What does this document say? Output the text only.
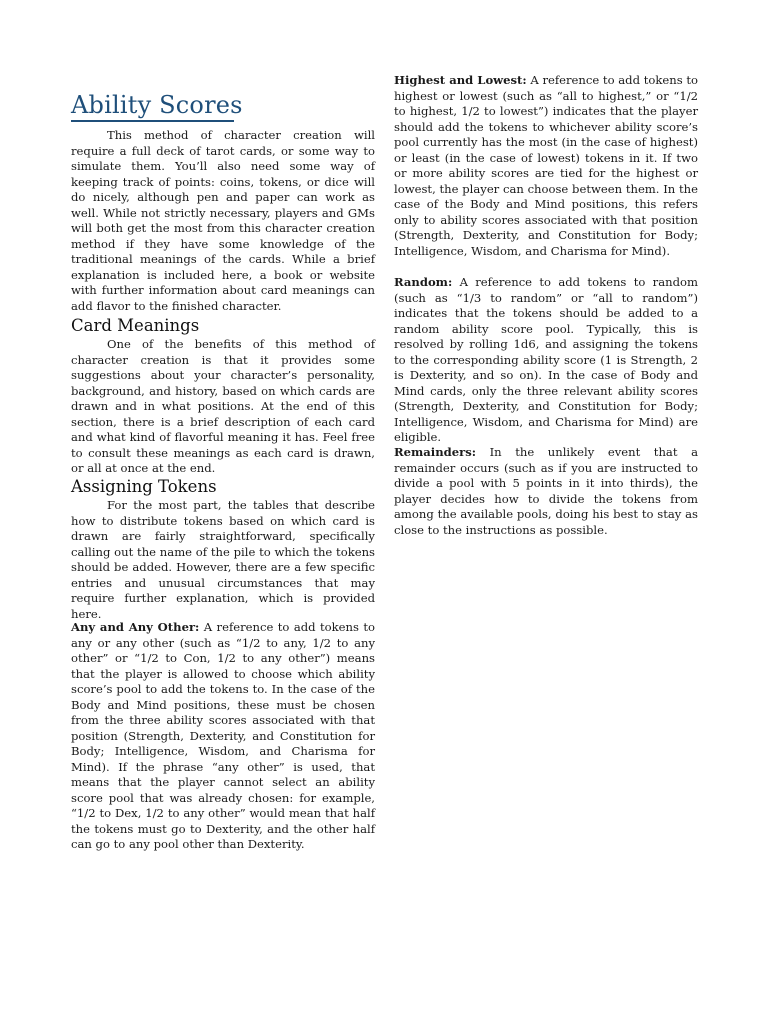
Ability Scores

This method of character creation will require a full deck of tarot cards, or some way to simulate them. You’ll also need some way of keeping track of points: coins, tokens, or dice will do nicely, although pen and paper can work as well. While not strictly necessary, players and GMs will both get the most from this character creation method if they have some knowledge of the traditional meanings of the cards. While a brief explanation is included here, a book or website with further information about card meanings can add flavor to the finished character.

Card Meanings

One of the benefits of this method of character creation is that it provides some suggestions about your character’s personality, background, and history, based on which cards are drawn and in what positions. At the end of this section, there is a brief description of each card and what kind of flavorful meaning it has. Feel free to consult these meanings as each card is drawn, or all at once at the end.

Assigning Tokens

For the most part, the tables that describe how to distribute tokens based on which card is drawn are fairly straightforward, specifically calling out the name of the pile to which the tokens should be added. However, there are a few specific entries and unusual circumstances that may require further explanation, which is provided here.

Any and Any Other: A reference to add tokens to any or any other (such as “1/2 to any, 1/2 to any other” or “1/2 to Con, 1/2 to any other”) means that the player is allowed to choose which ability score’s pool to add the tokens to. In the case of the Body and Mind positions, these must be chosen from the three ability scores associated with that position (Strength, Dexterity, and Constitution for Body; Intelligence, Wisdom, and Charisma for Mind). If the phrase “any other” is used, that means that the player cannot select an ability score pool that was already chosen: for example, “1/2 to Dex, 1/2 to any other” would mean that half the tokens must go to Dexterity, and the other half can go to any pool other than Dexterity.

Highest and Lowest: A reference to add tokens to highest or lowest (such as “all to highest,” or “1/2 to highest, 1/2 to lowest”) indicates that the player should add the tokens to whichever ability score’s pool currently has the most (in the case of highest) or least (in the case of lowest) tokens in it. If two or more ability scores are tied for the highest or lowest, the player can choose between them. In the case of the Body and Mind positions, this refers only to ability scores associated with that position (Strength, Dexterity, and Constitution for Body; Intelligence, Wisdom, and Charisma for Mind).

Random: A reference to add tokens to random (such as “1/3 to random” or “all to random”) indicates that the tokens should be added to a random ability score pool. Typically, this is resolved by rolling 1d6, and assigning the tokens to the corresponding ability score (1 is Strength, 2 is Dexterity, and so on). In the case of Body and Mind cards, only the three relevant ability scores (Strength, Dexterity, and Constitution for Body; Intelligence, Wisdom, and Charisma for Mind) are eligible.

Remainders: In the unlikely event that a remainder occurs (such as if you are instructed to divide a pool with 5 points in it into thirds), the player decides how to divide the tokens from among the available pools, doing his best to stay as close to the instructions as possible.
